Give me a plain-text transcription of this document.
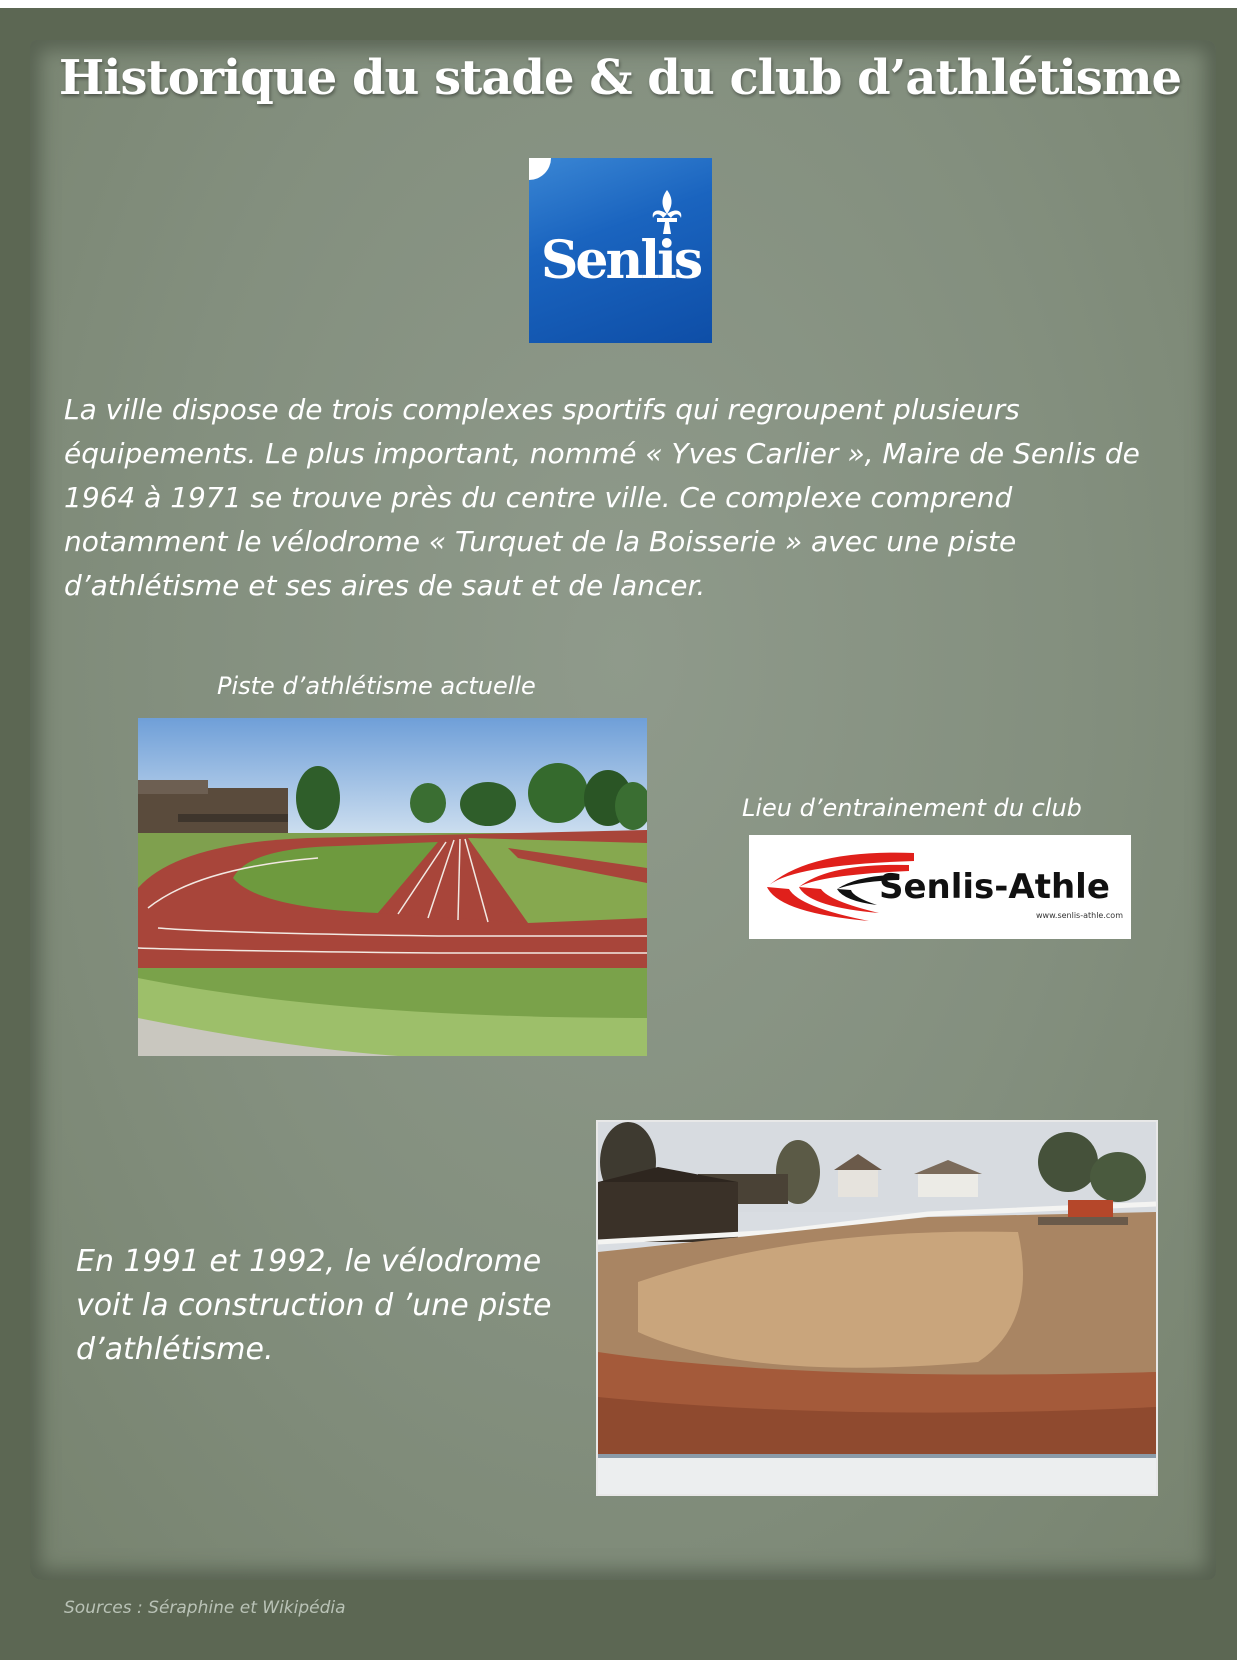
Historique du stade & du club d’athlétisme
Senlis
La ville dispose de trois complexes sportifs qui regroupent plusieurs équipements. Le plus important, nommé « Yves Carlier », Maire de Senlis de 1964 à 1971 se trouve près du centre ville. Ce complexe comprend notamment le vélodrome « Turquet de la Boisserie » avec une piste d’athlétisme et ses aires de saut et de lancer.
Piste d’athlétisme actuelle
Lieu d’entrainement du club
Senlis-Athle
www.senlis-athle.com
En 1991 et 1992, le vélodrome voit la construction d ’une piste d’athlétisme.
Sources : Séraphine et Wikipédia
